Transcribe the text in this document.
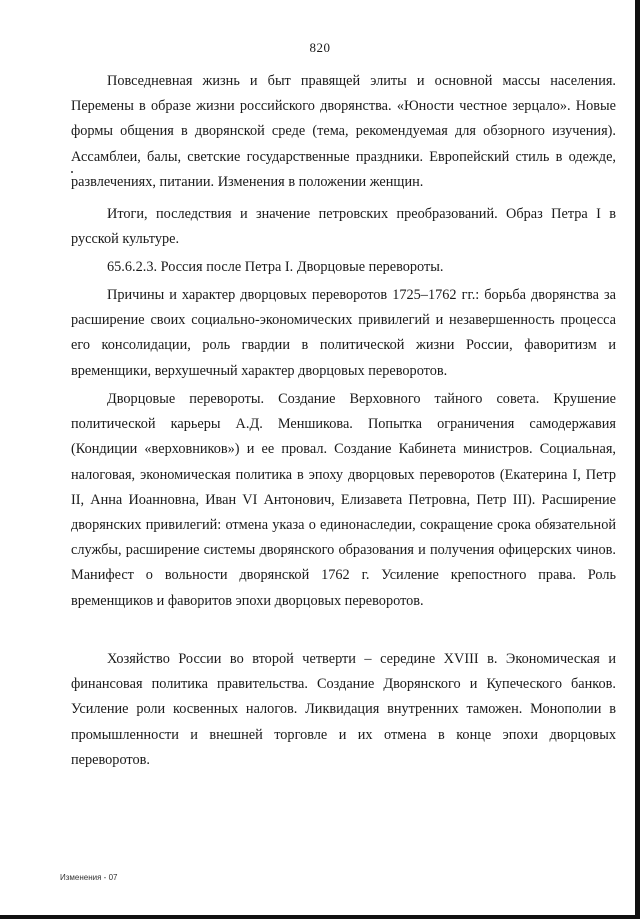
820

Повседневная жизнь и быт правящей элиты и основной массы населения. Перемены в образе жизни российского дворянства. «Юности честное зерцало». Новые формы общения в дворянской среде (тема, рекомендуемая для обзорного изучения). Ассамблеи, балы, светские государственные праздники. Европейский стиль в одежде, развлечениях, питании. Изменения в положении женщин.

Итоги, последствия и значение петровских преобразований. Образ Петра I в русской культуре.

65.6.2.3. Россия после Петра I. Дворцовые перевороты.

Причины и характер дворцовых переворотов 1725–1762 гг.: борьба дворянства за расширение своих социально-экономических привилегий и незавершенность процесса его консолидации, роль гвардии в политической жизни России, фаворитизм и временщики, верхушечный характер дворцовых переворотов.

Дворцовые перевороты. Создание Верховного тайного совета. Крушение политической карьеры А.Д. Меншикова. Попытка ограничения самодержавия (Кондиции «верховников») и ее провал. Создание Кабинета министров. Социальная, налоговая, экономическая политика в эпоху дворцовых переворотов (Екатерина I, Петр II, Анна Иоанновна, Иван VI Антонович, Елизавета Петровна, Петр III). Расширение дворянских привилегий: отмена указа о единонаследии, сокращение срока обязательной службы, расширение системы дворянского образования и получения офицерских чинов. Манифест о вольности дворянской 1762 г. Усиление крепостного права. Роль временщиков и фаворитов эпохи дворцовых переворотов.

Хозяйство России во второй четверти – середине XVIII в. Экономическая и финансовая политика правительства. Создание Дворянского и Купеческого банков. Усиление роли косвенных налогов. Ликвидация внутренних таможен. Монополии в промышленности и внешней торговле и их отмена в конце эпохи дворцовых переворотов.

Изменения - 07
